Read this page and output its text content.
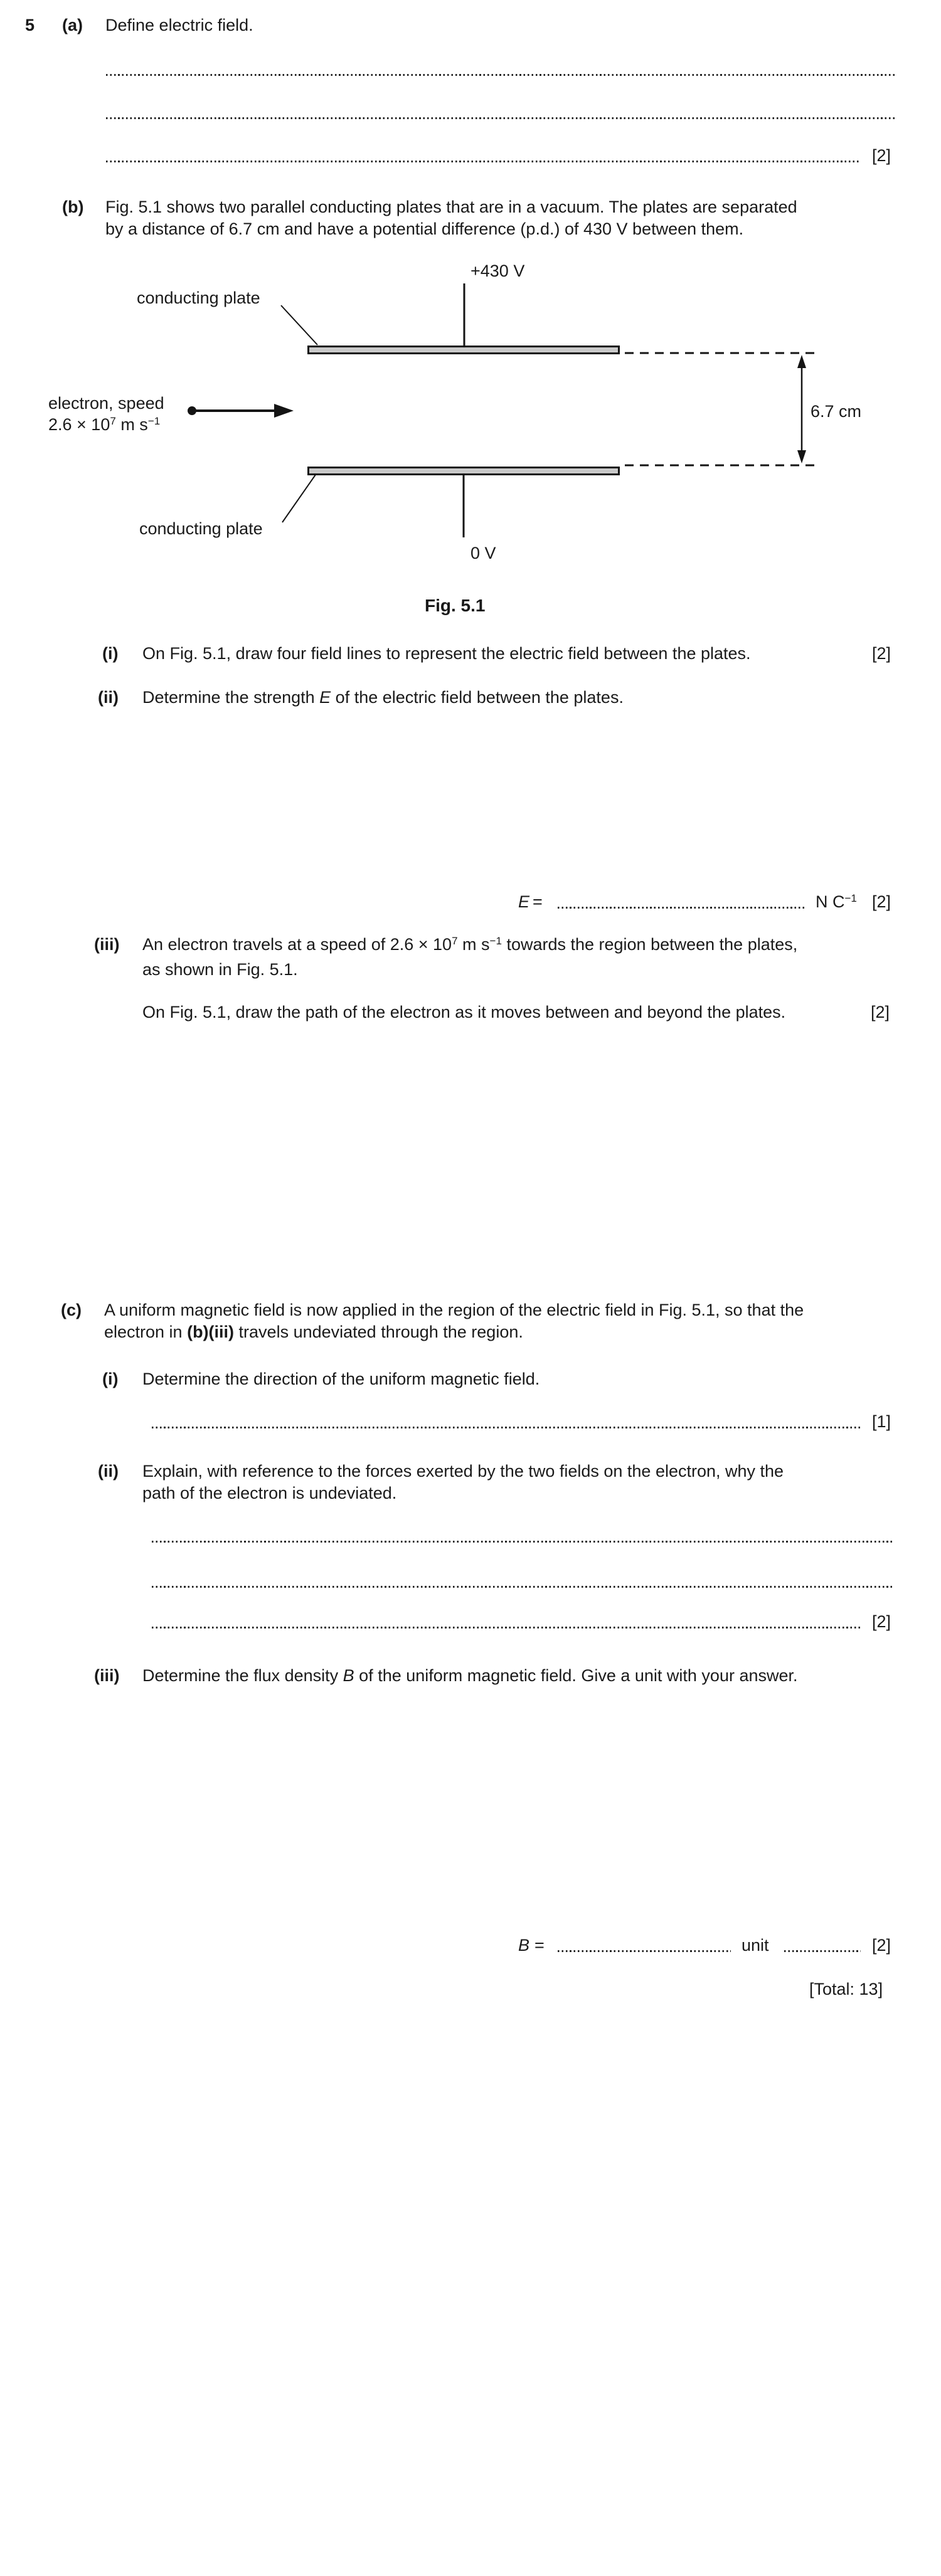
5 (a) Define electric field.
[2]
(b) Fig. 5.1 shows two parallel conducting plates that are in a vacuum. The plates are separated
by a distance of 6.7 cm and have a potential difference (p.d.) of 430 V between them.
+430 V
conducting plate
electron, speed
$2.6 \times 10^7$ m $s^{-1}$
6.7 cm
conducting plate
0 V
Fig. 5.1
(i) On Fig. 5.1, draw four field lines to represent the electric field between the plates.	[2]
(ii) Determine the strength E of the electric field between the plates.
E =	N $C^{-1}$ [2]
(iii) An electron travels at a speed of $2.6 \times 10^7$ m $s^{-1}$ towards the region between the plates,
as shown in Fig. 5.1.
On Fig. 5.1, draw the path of the electron as it moves between and beyond the plates.	[2]
(c) A uniform magnetic field is now applied in the region of the electric field in Fig. 5.1, so that the
electron in (b)(iii) travels undeviated through the region.
(i) Determine the direction of the uniform magnetic field.
[1]
(ii) Explain, with reference to the forces exerted by the two fields on the electron, why the
path of the electron is undeviated.
[2]
(iii) Determine the flux density B of the uniform magnetic field. Give a unit with your answer.
B =	unit	[2]
[Total: 13]
